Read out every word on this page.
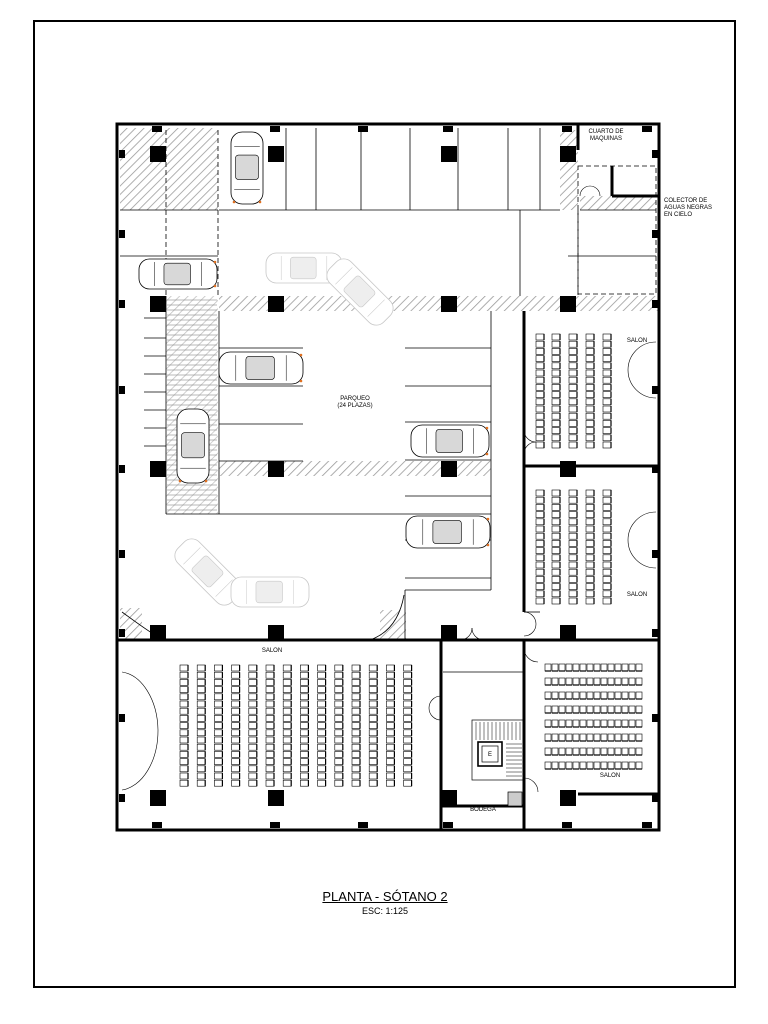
CUARTO DE
MAQUINAS
COLECTOR DE
AGUAS NEGRAS
EN CIELO
PARQUEO
(24 PLAZAS)
SALON
SALON
SALON
SALON
BODEGA
E
PLANTA - SÓTANO 2
ESC: 1:125
